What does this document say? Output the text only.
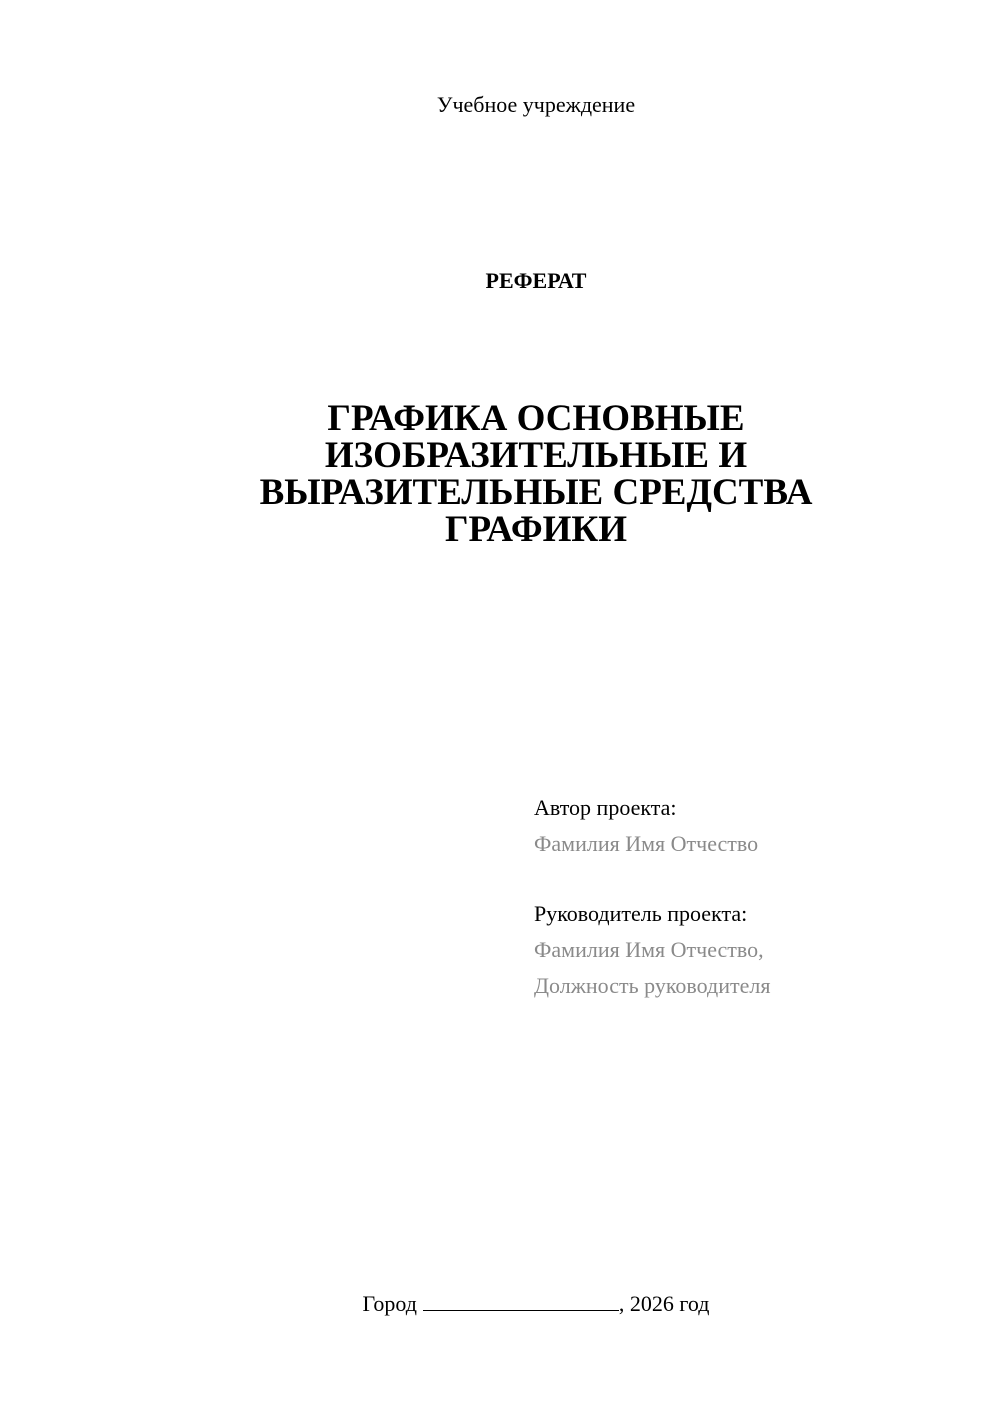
Учебное учреждение
РЕФЕРАТ
ГРАФИКА ОСНОВНЫЕ
ИЗОБРАЗИТЕЛЬНЫЕ И
ВЫРАЗИТЕЛЬНЫЕ СРЕДСТВА
ГРАФИКИ
Автор проекта:
Фамилия Имя Отчество
Руководитель проекта:
Фамилия Имя Отчество,
Должность руководителя
Город	, 2026 год
